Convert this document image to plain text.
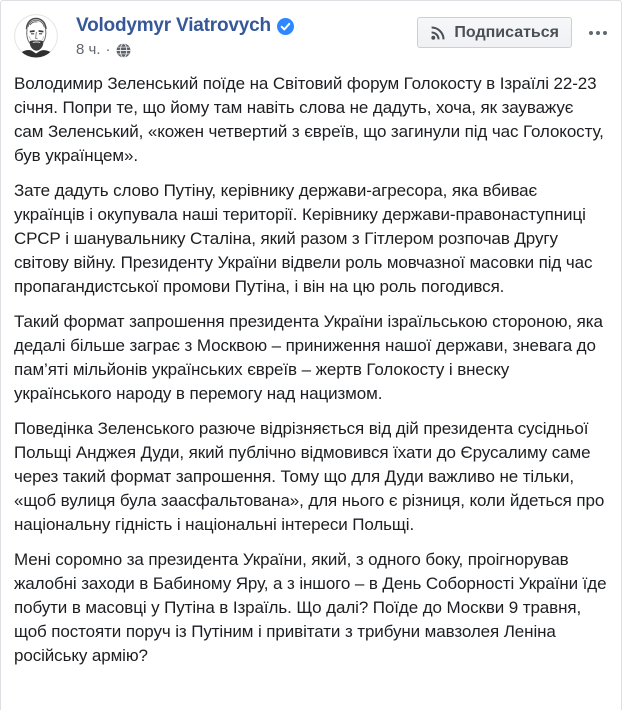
Volodymyr Viatrovych
8 ч. ·
Подписаться

Володимир Зеленський поїде на Світовий форум Голокосту в Ізраїлі 22-23 січня. Попри те, що йому там навіть слова не дадуть, хоча, як зауважує сам Зеленський, «кожен четвертий з євреїв, що загинули під час Голокосту, був українцем».

Зате дадуть слово Путіну, керівнику держави-агресора, яка вбиває українців і окупувала наші території. Керівнику держави-правонаступниці СРСР і шанувальнику Сталіна, який разом з Гітлером розпочав Другу світову війну. Президенту України відвели роль мовчазної масовки під час пропагандистської промови Путіна, і він на цю роль погодився.

Такий формат запрошення президента України ізраїльською стороною, яка дедалі більше заграє з Москвою – приниження нашої держави, зневага до пам’яті мільйонів українських євреїв – жертв Голокосту і внеску українського народу в перемогу над нацизмом.

Поведінка Зеленського разюче відрізняється від дій президента сусідньої Польщі Анджея Дуди, який публічно відмовився їхати до Єрусалиму саме через такий формат запрошення. Тому що для Дуди важливо не тільки, «щоб вулиця була заасфальтована», для нього є різниця, коли йдеться про національну гідність і національні інтереси Польщі.

Мені соромно за президента України, який, з одного боку, проігнорував жалобні заходи в Бабиному Яру, а з іншого – в День Соборності України їде побути в масовці у Путіна в Ізраїль. Що далі? Поїде до Москви 9 травня, щоб постояти поруч із Путіним і привітати з трибуни мавзолея Леніна російську армію?
